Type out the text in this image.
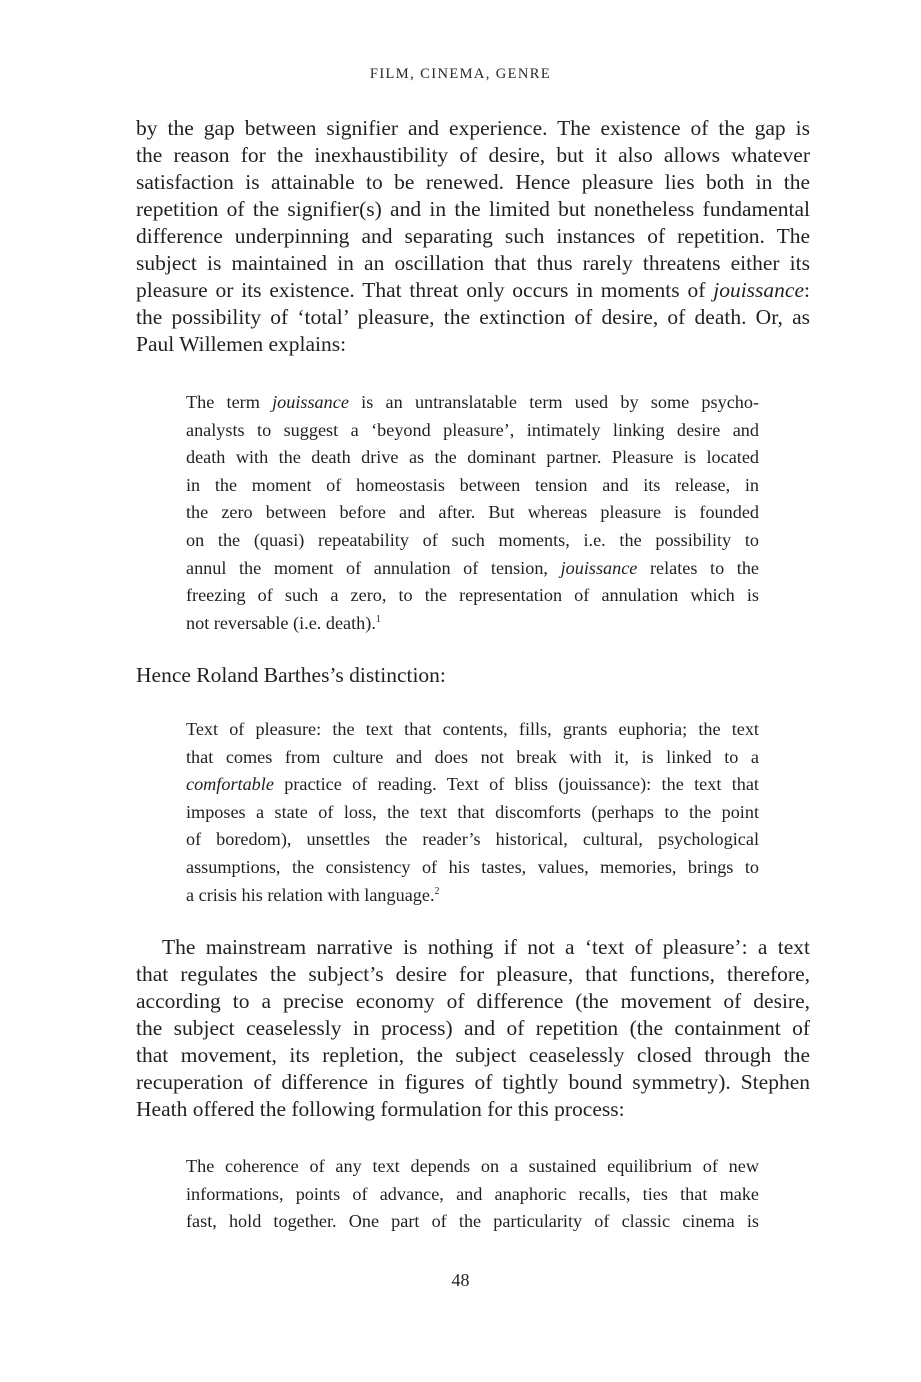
FILM, CINEMA, GENRE
by the gap between signifier and experience. The existence of the gap is
the reason for the inexhaustibility of desire, but it also allows whatever
satisfaction is attainable to be renewed. Hence pleasure lies both in the
repetition of the signifier(s) and in the limited but nonetheless fundamental
difference underpinning and separating such instances of repetition. The
subject is maintained in an oscillation that thus rarely threatens either its
pleasure or its existence. That threat only occurs in moments of jouissance:
the possibility of ‘total’ pleasure, the extinction of desire, of death. Or, as
Paul Willemen explains:
The term jouissance is an untranslatable term used by some psycho-
analysts to suggest a ‘beyond pleasure’, intimately linking desire and
death with the death drive as the dominant partner. Pleasure is located
in the moment of homeostasis between tension and its release, in
the zero between before and after. But whereas pleasure is founded
on the (quasi) repeatability of such moments, i.e. the possibility to
annul the moment of annulation of tension, jouissance relates to the
freezing of such a zero, to the representation of annulation which is
not reversable (i.e. death).$^1$
Hence Roland Barthes’s distinction:
Text of pleasure: the text that contents, fills, grants euphoria; the text
that comes from culture and does not break with it, is linked to a
comfortable practice of reading. Text of bliss (jouissance): the text that
imposes a state of loss, the text that discomforts (perhaps to the point
of boredom), unsettles the reader’s historical, cultural, psychological
assumptions, the consistency of his tastes, values, memories, brings to
a crisis his relation with language.$^2$
The mainstream narrative is nothing if not a ‘text of pleasure’: a text
that regulates the subject’s desire for pleasure, that functions, therefore,
according to a precise economy of difference (the movement of desire,
the subject ceaselessly in process) and of repetition (the containment of
that movement, its repletion, the subject ceaselessly closed through the
recuperation of difference in figures of tightly bound symmetry). Stephen
Heath offered the following formulation for this process:
The coherence of any text depends on a sustained equilibrium of new
informations, points of advance, and anaphoric recalls, ties that make
fast, hold together. One part of the particularity of classic cinema is
48
